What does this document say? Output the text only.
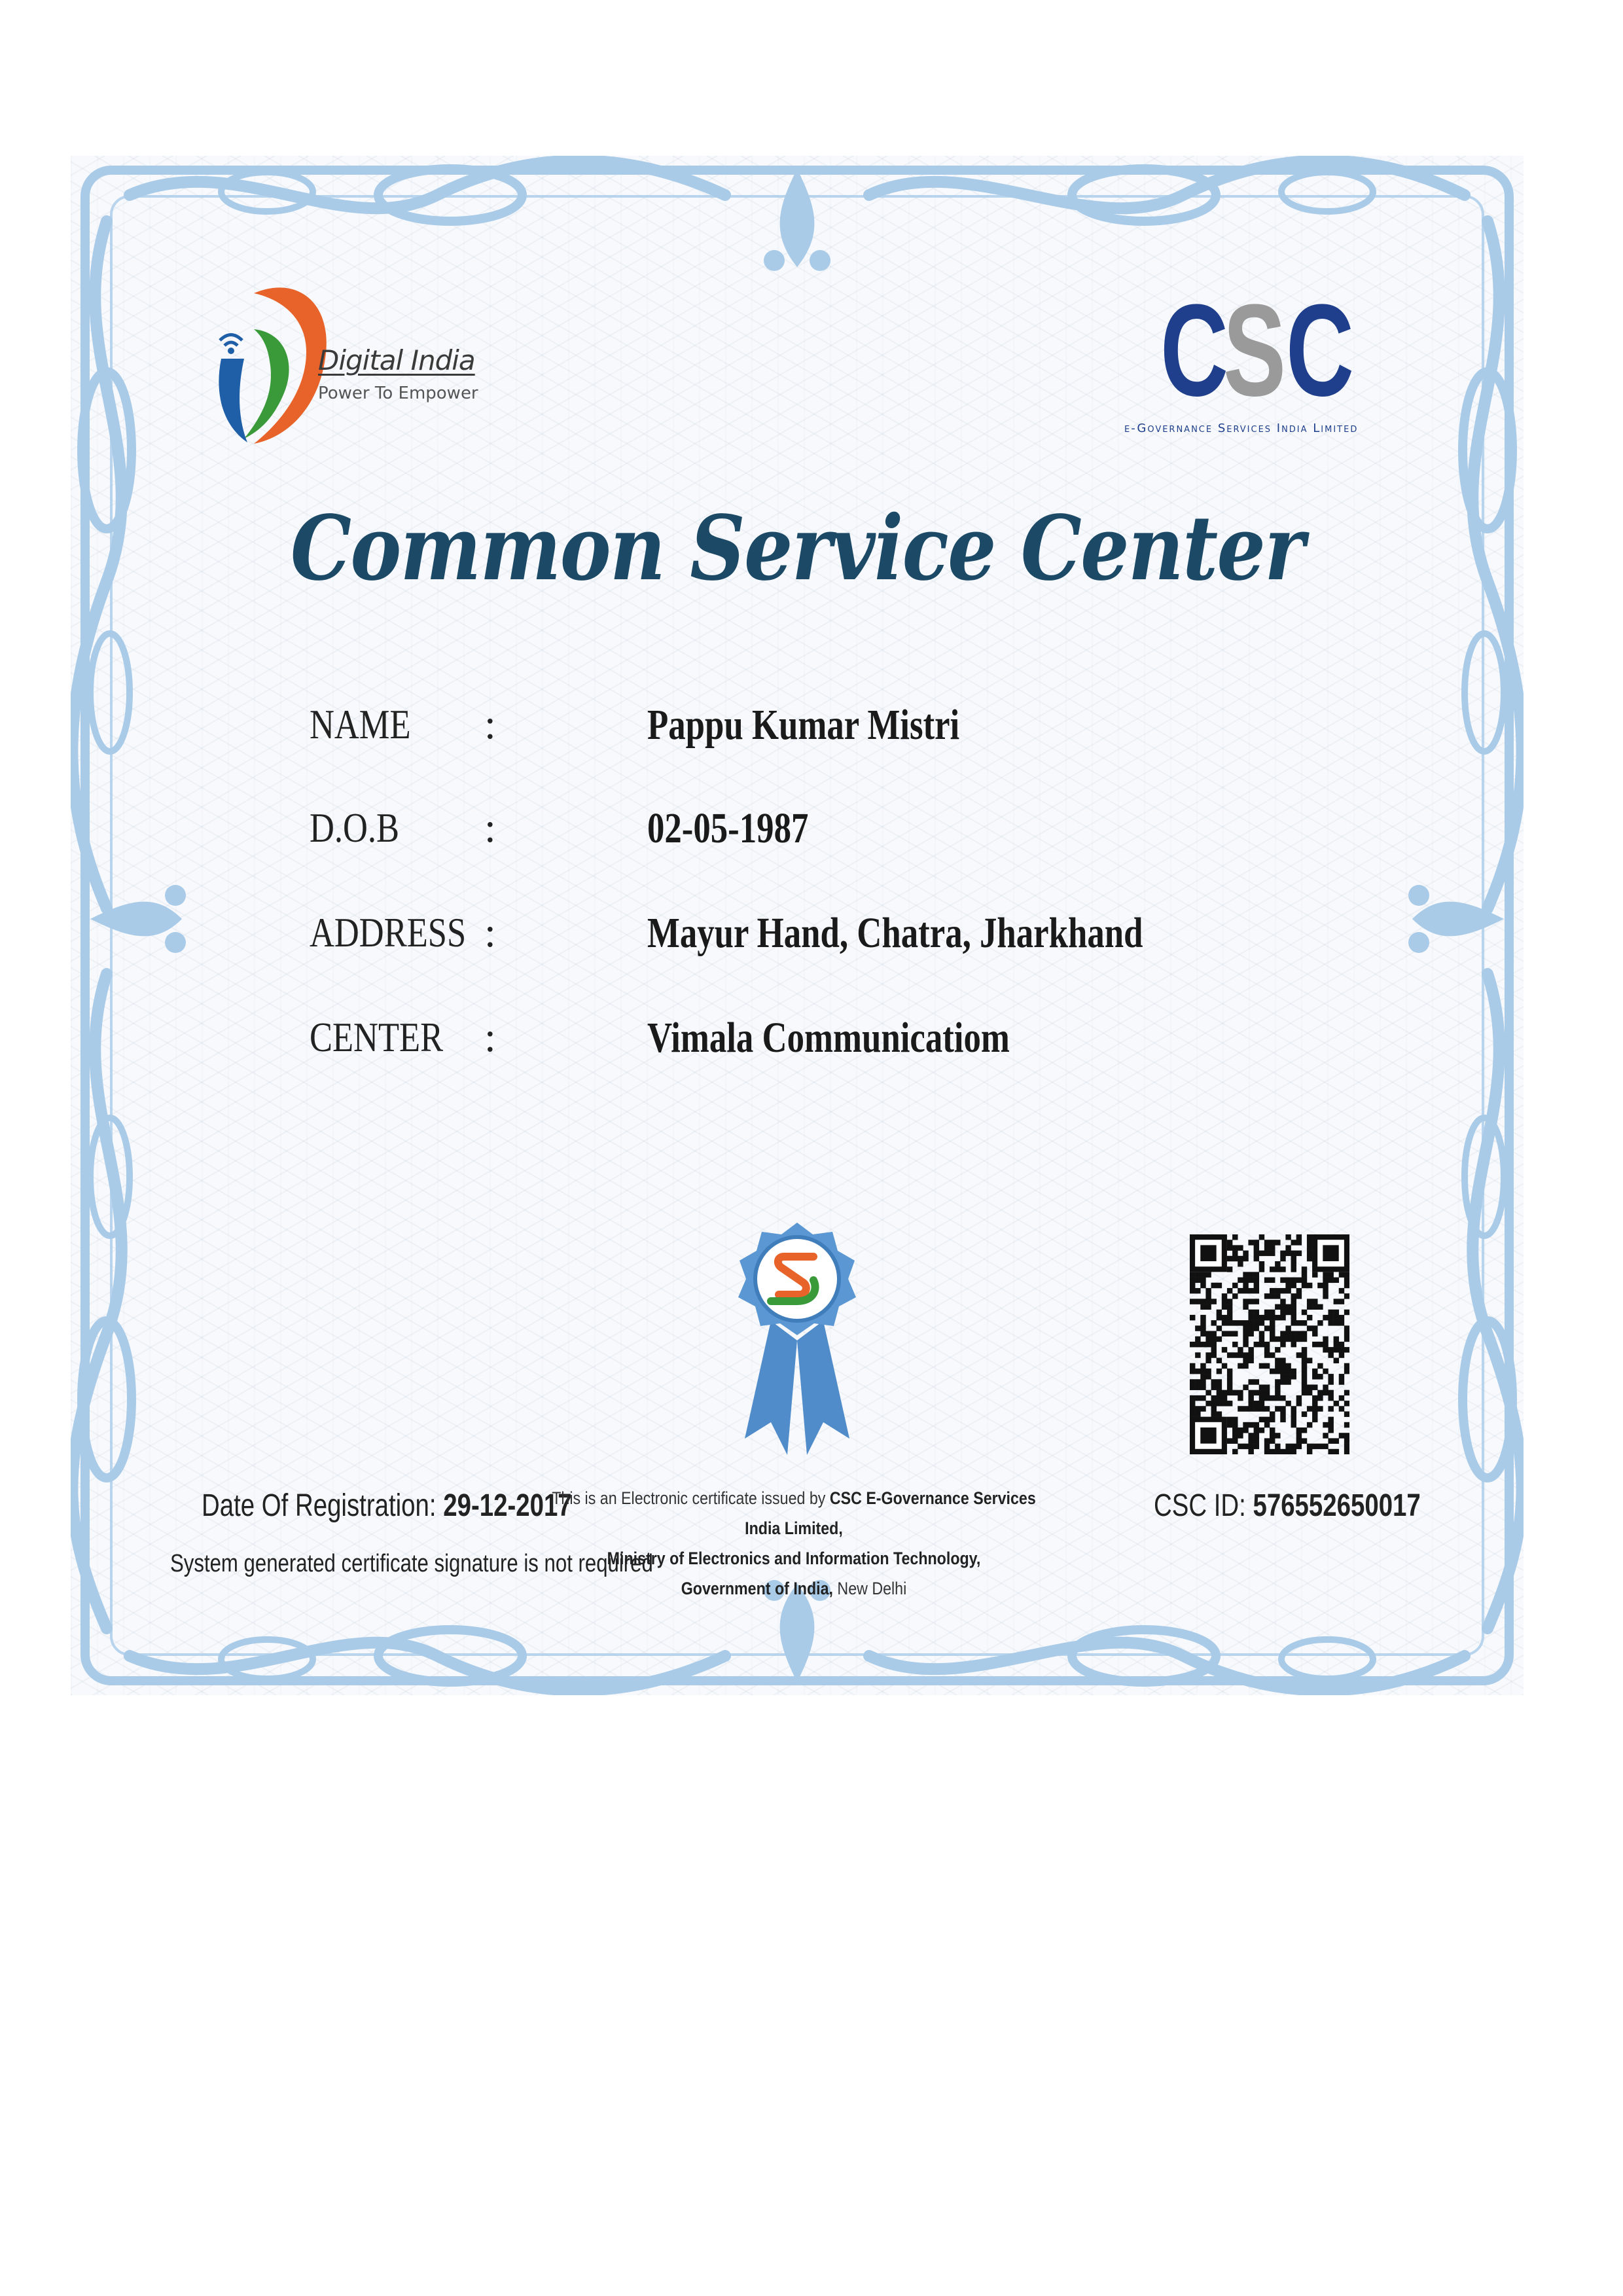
Digital India
Power To Empower	C
S C
e-Governance Services India Limited
Common Service Center
NAME :	Pappu Kumar Mistri
D.O.B :	02-05-1987
ADDRESS :	Mayur Hand, Chatra, Jharkhand
CENTER :	Vimala Communicatiom
Date Of Registration: 29-12-2017
System generated certificate signature is not required
This is an Electronic certificate issued by CSC E-Governance Services India Limited,
Ministry of Electronics and Information Technology,
Government of India, New Delhi
CSC ID: 576552650017
